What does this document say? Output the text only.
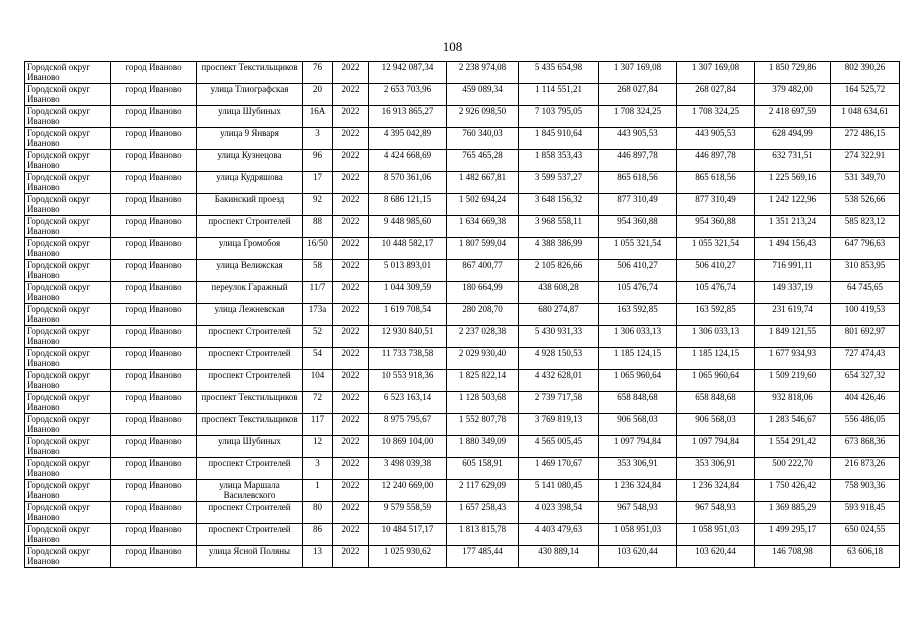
108
Городской округ Иваново	город Иваново	проспект Текстильщиков	76	2022	12 942 087,34	2 238 974,08	5 435 654,98	1 307 169,08	1 307 169,08	1 850 729,86	802 390,26
Городской округ Иваново	город Иваново	улица Тлиографская	20	2022	2 653 703,96	459 089,34	1 114 551,21	268 027,84	268 027,84	379 482,00	164 525,72
Городской округ Иваново	город Иваново	улица Шубиных	16А	2022	16 913 865,27	2 926 098,50	7 103 795,05	1 708 324,25	1 708 324,25	2 418 697,59	1 048 634,61
Городской округ Иваново	город Иваново	улица 9 Января	3	2022	4 395 042,89	760 340,03	1 845 910,64	443 905,53	443 905,53	628 494,99	272 486,15
Городской округ Иваново	город Иваново	улица Кузнецова	96	2022	4 424 668,69	765 465,28	1 858 353,43	446 897,78	446 897,78	632 731,51	274 322,91
Городской округ Иваново	город Иваново	улица Кудряшова	17	2022	8 570 361,06	1 482 667,81	3 599 537,27	865 618,56	865 618,56	1 225 569,16	531 349,70
Городской округ Иваново	город Иваново	Бакинский проезд	92	2022	8 686 121,15	1 502 694,24	3 648 156,32	877 310,49	877 310,49	1 242 122,96	538 526,66
Городской округ Иваново	город Иваново	проспект Строителей	88	2022	9 448 985,60	1 634 669,38	3 968 558,11	954 360,88	954 360,88	1 351 213,24	585 823,12
Городской округ Иваново	город Иваново	улица Громобоя	16/50	2022	10 448 582,17	1 807 599,04	4 388 386,99	1 055 321,54	1 055 321,54	1 494 156,43	647 796,63
Городской округ Иваново	город Иваново	улица Велижская	58	2022	5 013 893,01	867 400,77	2 105 826,66	506 410,27	506 410,27	716 991,11	310 853,95
Городской округ Иваново	город Иваново	переулок Гаражный	11/7	2022	1 044 309,59	180 664,99	438 608,28	105 476,74	105 476,74	149 337,19	64 745,65
Городской округ Иваново	город Иваново	улица Лежневская	173а	2022	1 619 708,54	280 208,70	680 274,87	163 592,85	163 592,85	231 619,74	100 419,53
Городской округ Иваново	город Иваново	проспект Строителей	52	2022	12 930 840,51	2 237 028,38	5 430 931,33	1 306 033,13	1 306 033,13	1 849 121,55	801 692,97
Городской округ Иваново	город Иваново	проспект Строителей	54	2022	11 733 738,58	2 029 930,40	4 928 150,53	1 185 124,15	1 185 124,15	1 677 934,93	727 474,43
Городской округ Иваново	город Иваново	проспект Строителей	104	2022	10 553 918,36	1 825 822,14	4 432 628,01	1 065 960,64	1 065 960,64	1 509 219,60	654 327,32
Городской округ Иваново	город Иваново	проспект Текстильщиков	72	2022	6 523 163,14	1 128 503,68	2 739 717,58	658 848,68	658 848,68	932 818,06	404 426,46
Городской округ Иваново	город Иваново	проспект Текстильщиков	117	2022	8 975 795,67	1 552 807,78	3 769 819,13	906 568,03	906 568,03	1 283 546,67	556 486,05
Городской округ Иваново	город Иваново	улица Шубиных	12	2022	10 869 104,00	1 880 349,09	4 565 005,45	1 097 794,84	1 097 794,84	1 554 291,42	673 868,36
Городской округ Иваново	город Иваново	проспект Строителей	3	2022	3 498 039,38	605 158,91	1 469 170,67	353 306,91	353 306,91	500 222,70	216 873,26
Городской округ Иваново	город Иваново	улица Маршала Василевского	1	2022	12 240 669,00	2 117 629,09	5 141 080,45	1 236 324,84	1 236 324,84	1 750 426,42	758 903,36
Городской округ Иваново	город Иваново	проспект Строителей	80	2022	9 579 558,59	1 657 258,43	4 023 398,54	967 548,93	967 548,93	1 369 885,29	593 918,45
Городской округ Иваново	город Иваново	проспект Строителей	86	2022	10 484 517,17	1 813 815,78	4 403 479,63	1 058 951,03	1 058 951,03	1 499 295,17	650 024,55
Городской округ Иваново	город Иваново	улица Ясной Поляны	13	2022	1 025 930,62	177 485,44	430 889,14	103 620,44	103 620,44	146 708,98	63 606,18
